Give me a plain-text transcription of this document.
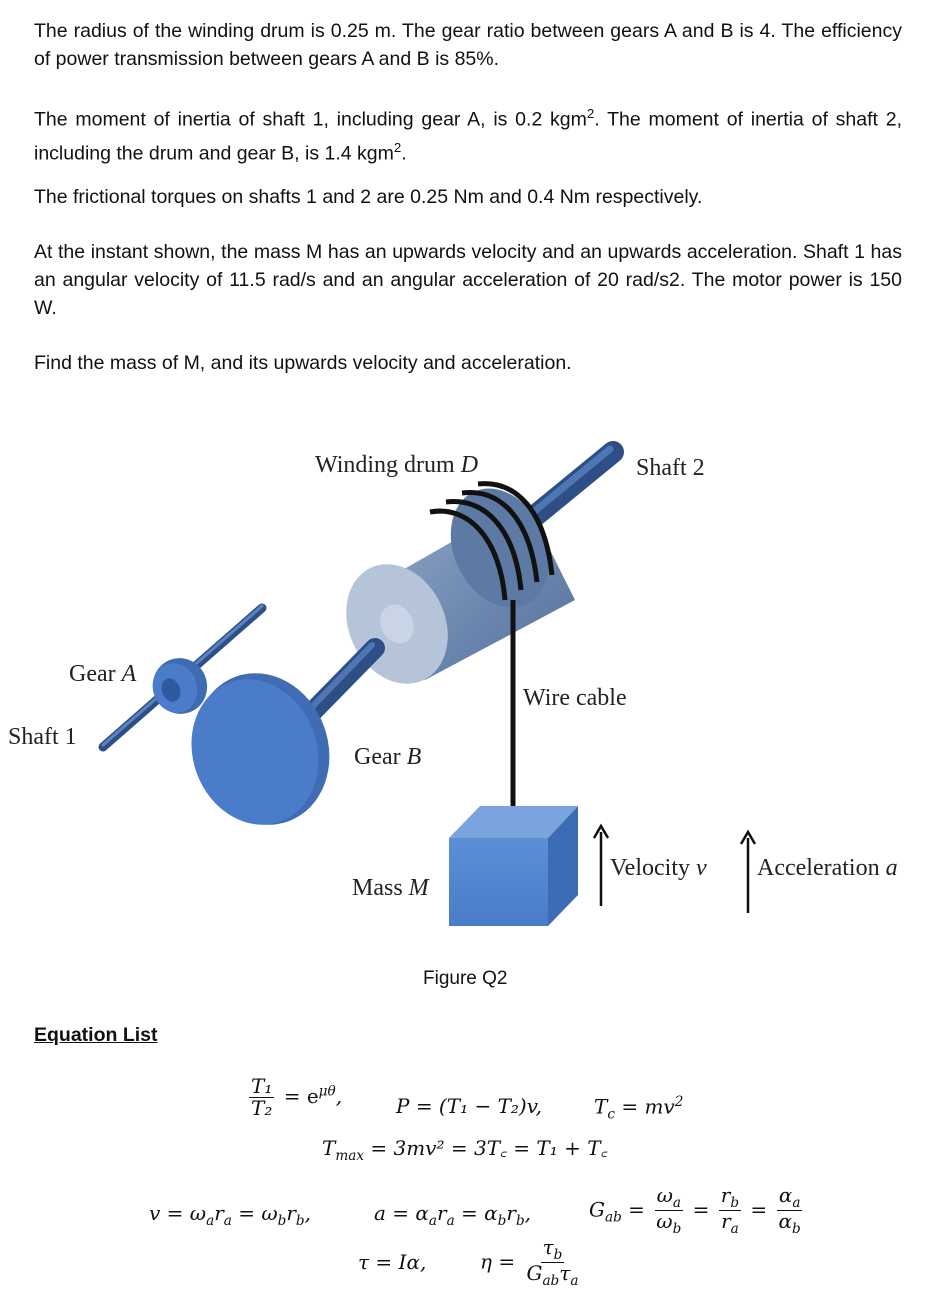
The radius of the winding drum is 0.25 m. The gear ratio between gears A and B is 4. The efficiency of power transmission between gears A and B is 85%.

The moment of inertia of shaft 1, including gear A, is 0.2 kgm$^2$. The moment of inertia of shaft 2, including the drum and gear B, is 1.4 kgm$^2$.

The frictional torques on shafts 1 and 2 are 0.25 Nm and 0.4 Nm respectively.

At the instant shown, the mass M has an upwards velocity and an upwards acceleration. Shaft 1 has an angular velocity of 11.5 rad/s and an angular acceleration of 20 rad/s2. The motor power is 150 W.

Find the mass of M, and its upwards velocity and acceleration.

Winding drum D	Shaft 2
Gear A
Shaft 1
Wire cable
Gear B
Mass M
Velocity v Acceleration a
Figure Q2
Equation List
$\frac{\text{T₁}}{\text{T₂}} = e^{\mu\theta}$,	P = (T₁ − T₂)v,	$T_c = mv^2$
$T_{max} = 3mv^2$ = 3T꜀ = T₁ + T꜀
$v = \omega_ar_a = \omega_br_b$,	$a = \alpha_ar_a = \alpha_br_b$,	$G_{ab} = \frac{\omega_a}{\omega_b} = \frac{r_b}{r_a} = \frac{\alpha_a}{\alpha_b}$
τ = Iα,	$\eta = \frac{\tau_b}{G_{ab}\tau_a}$
